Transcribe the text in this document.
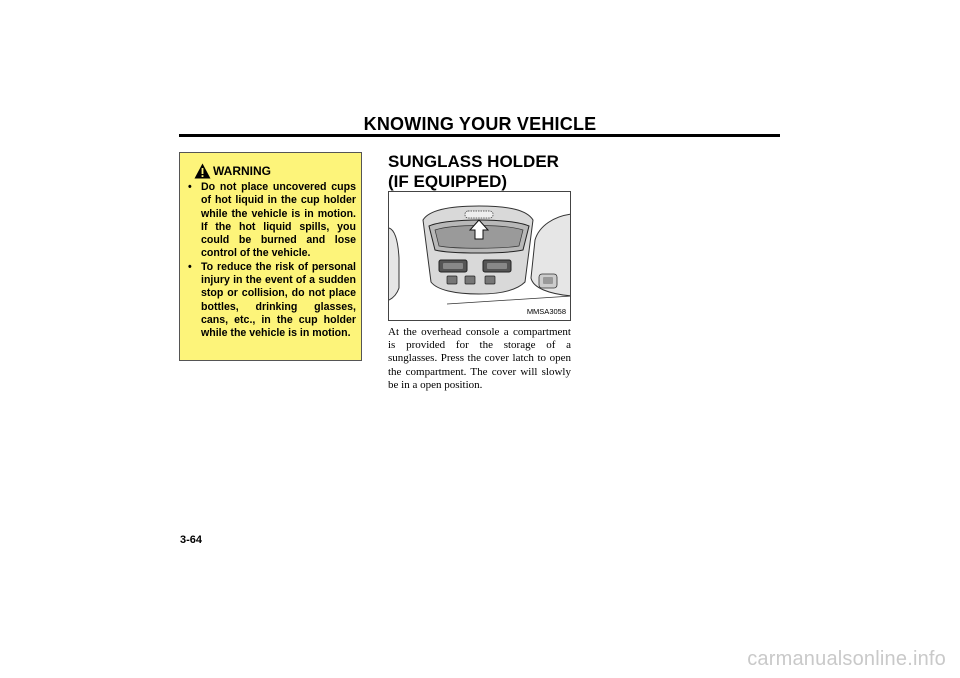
KNOWING YOUR VEHICLE
WARNING
• Do not place uncovered cups of hot liquid in the cup holder while the vehicle is in motion. If the hot liquid spills, you could be burned and lose control of the vehicle.
• To reduce the risk of personal injury in the event of a sudden stop or collision, do not place bottles, drinking glasses, cans, etc., in the cup holder while the vehicle is in motion.
SUNGLASS HOLDER
(IF EQUIPPED)
MMSA3058

At the overhead console a compartment is provided for the storage of a sunglasses. Press the cover latch to open the compartment. The cover will slowly be in a open position.

3-64
carmanualsonline.info
